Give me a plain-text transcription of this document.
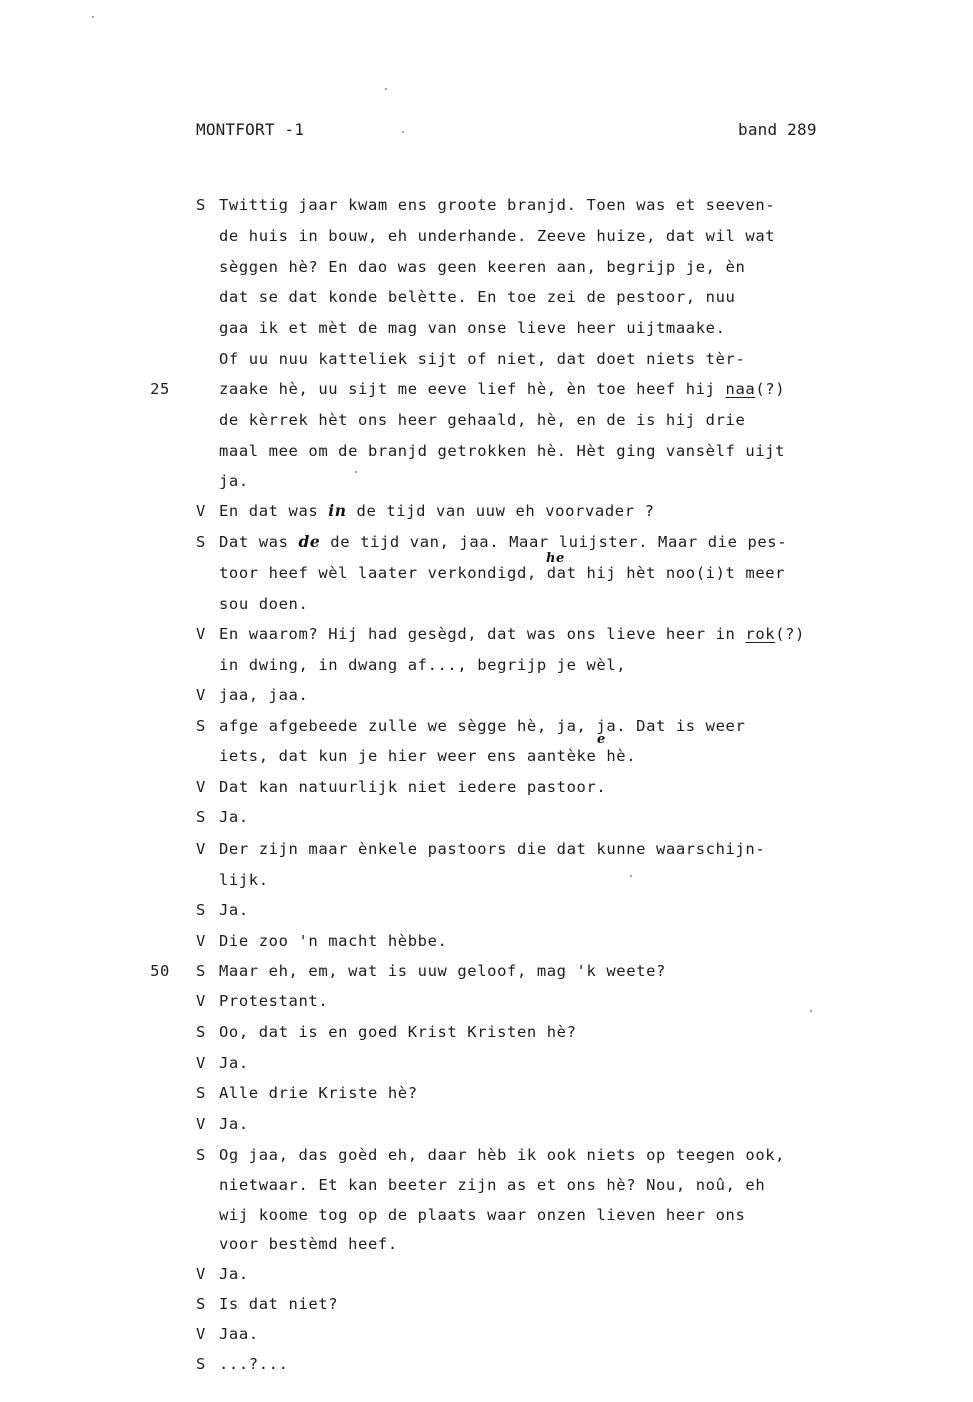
MONTFORT -1	band 289
25
50
S
V
S
V
V
S
V
S
V
S
V
S
V
S
V
S
V
S
V
S
V
S
Twittig jaar kwam ens groote branjd. Toen was et seeven-
de huis in bouw, eh underhande. Zeeve huize, dat wil wat
sèggen hè? En dao was geen keeren aan, begrijp je, èn
dat se dat konde belètte. En toe zei de pestoor, nuu
gaa ik et mèt de mag van onse lieve heer uijtmaake.
Of uu nuu katteliek sijt of niet, dat doet niets tèr-
zaake hè, uu sijt me eeve lief hè, èn toe heef hij naa(?)
de kèrrek hèt ons heer gehaald, hè, en de is hij drie
maal mee om de branjd getrokken hè. Hèt ging vansèlf uijt
ja.
En dat was in de tijd van uuw eh voorvader ?
Dat was de de tijd van, jaa. Maar luijster. Maar die pes-
toor heef wèl laater verkondigd, dat hij hèt noo(i)t meer
sou doen.
En waarom? Hij had gesègd, dat was ons lieve heer in rok(?)
in dwing, in dwang af..., begrijp je wèl,
jaa, jaa.
afge afgebeede zulle we sègge hè, ja, ja. Dat is weer
iets, dat kun je hier weer ens aantèke hè.
Dat kan natuurlijk niet iedere pastoor.
Ja.
Der zijn maar ènkele pastoors die dat kunne waarschijn-
lijk.
Ja.
Die zoo 'n macht hèbbe.
Maar eh, em, wat is uuw geloof, mag 'k weete?
Protestant.
Oo, dat is en goed Krist Kristen hè?
Ja.
Alle drie Kriste hè?
Ja.
Og jaa, das goèd eh, daar hèb ik ook niets op teegen ook,
nietwaar. Et kan beeter zijn as et ons hè? Nou, noû, eh
wij koome tog op de plaats waar onzen lieven heer ons
voor bestèmd heef.
Ja.
Is dat niet?
Jaa.
...?...
he
e
